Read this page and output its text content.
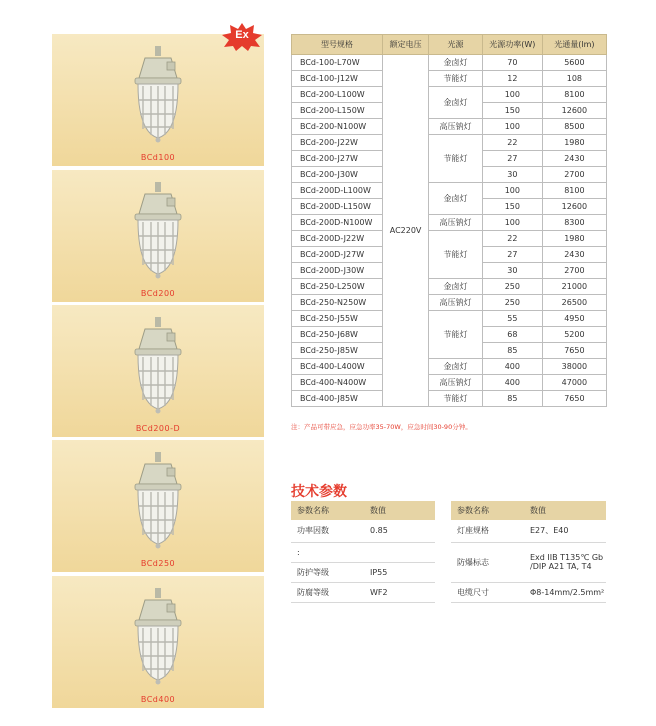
BCd100
BCd200
BCd200-D
BCd250
BCd400
Ex
型号规格	额定电压	光源	光源功率(W)	光通量(lm)
BCd-100-L70W	AC220V	金卤灯	70	5600
BCd-100-J12W		节能灯	12	108
BCd-200-L100W		金卤灯	100	8100
BCd-200-L150W			150	12600
BCd-200-N100W		高压钠灯	100	8500
BCd-200-J22W		节能灯	22	1980
BCd-200-J27W			27	2430
BCd-200-J30W			30	2700
BCd-200D-L100W		金卤灯	100	8100
BCd-200D-L150W			150	12600
BCd-200D-N100W		高压钠灯	100	8300
BCd-200D-J22W		节能灯	22	1980
BCd-200D-J27W			27	2430
BCd-200D-J30W			30	2700
BCd-250-L250W		金卤灯	250	21000
BCd-250-N250W		高压钠灯	250	26500
BCd-250-J55W		节能灯	55	4950
BCd-250-J68W			68	5200
BCd-250-J85W			85	7650
BCd-400-L400W		金卤灯	400	38000
BCd-400-N400W		高压钠灯	400	47000
BCd-400-J85W		节能灯	85	7650
注：产品可带应急，应急功率35-70W，应急时间30-90分钟。
技术参数
参数名称	数值
功率因数	0.85
:	
防护等级	IP55
防腐等级	WF2
参数名称	数值
灯座规格	E27、E40
防爆标志	Exd IIB T135℃ Gb /DIP A21 TA, T4
电缆尺寸	Φ8-14mm/2.5mm²
